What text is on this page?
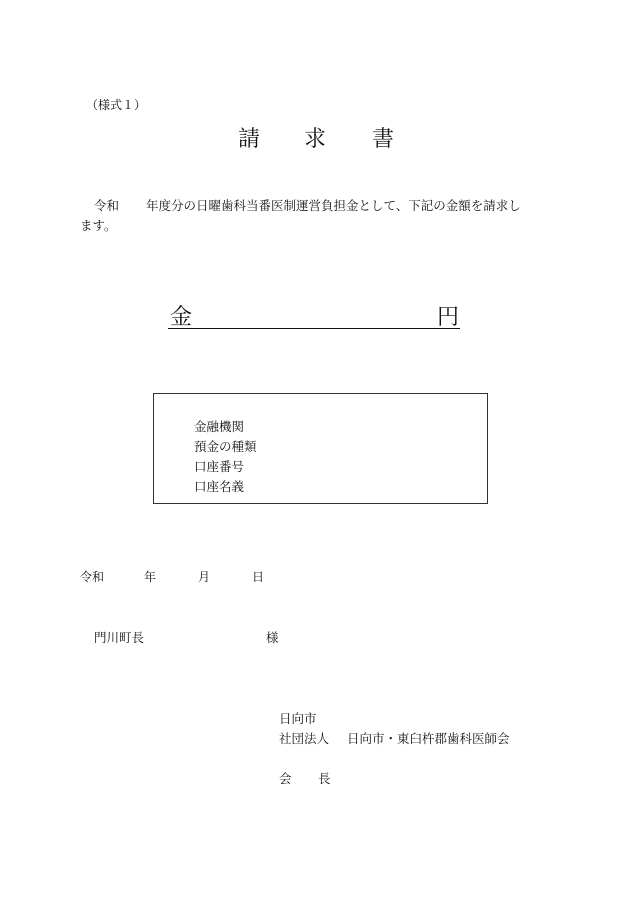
（様式１）
請 求 書
令和 年度分の日曜歯科当番医制運営負担金として、下記の金額を請求し
ます。
金	円
金融機関
預金の種類
口座番号
口座名義
令和	年	月	日
門川町長	様
日向市
社団法人 日向市・東臼杵郡歯科医師会
会 長
